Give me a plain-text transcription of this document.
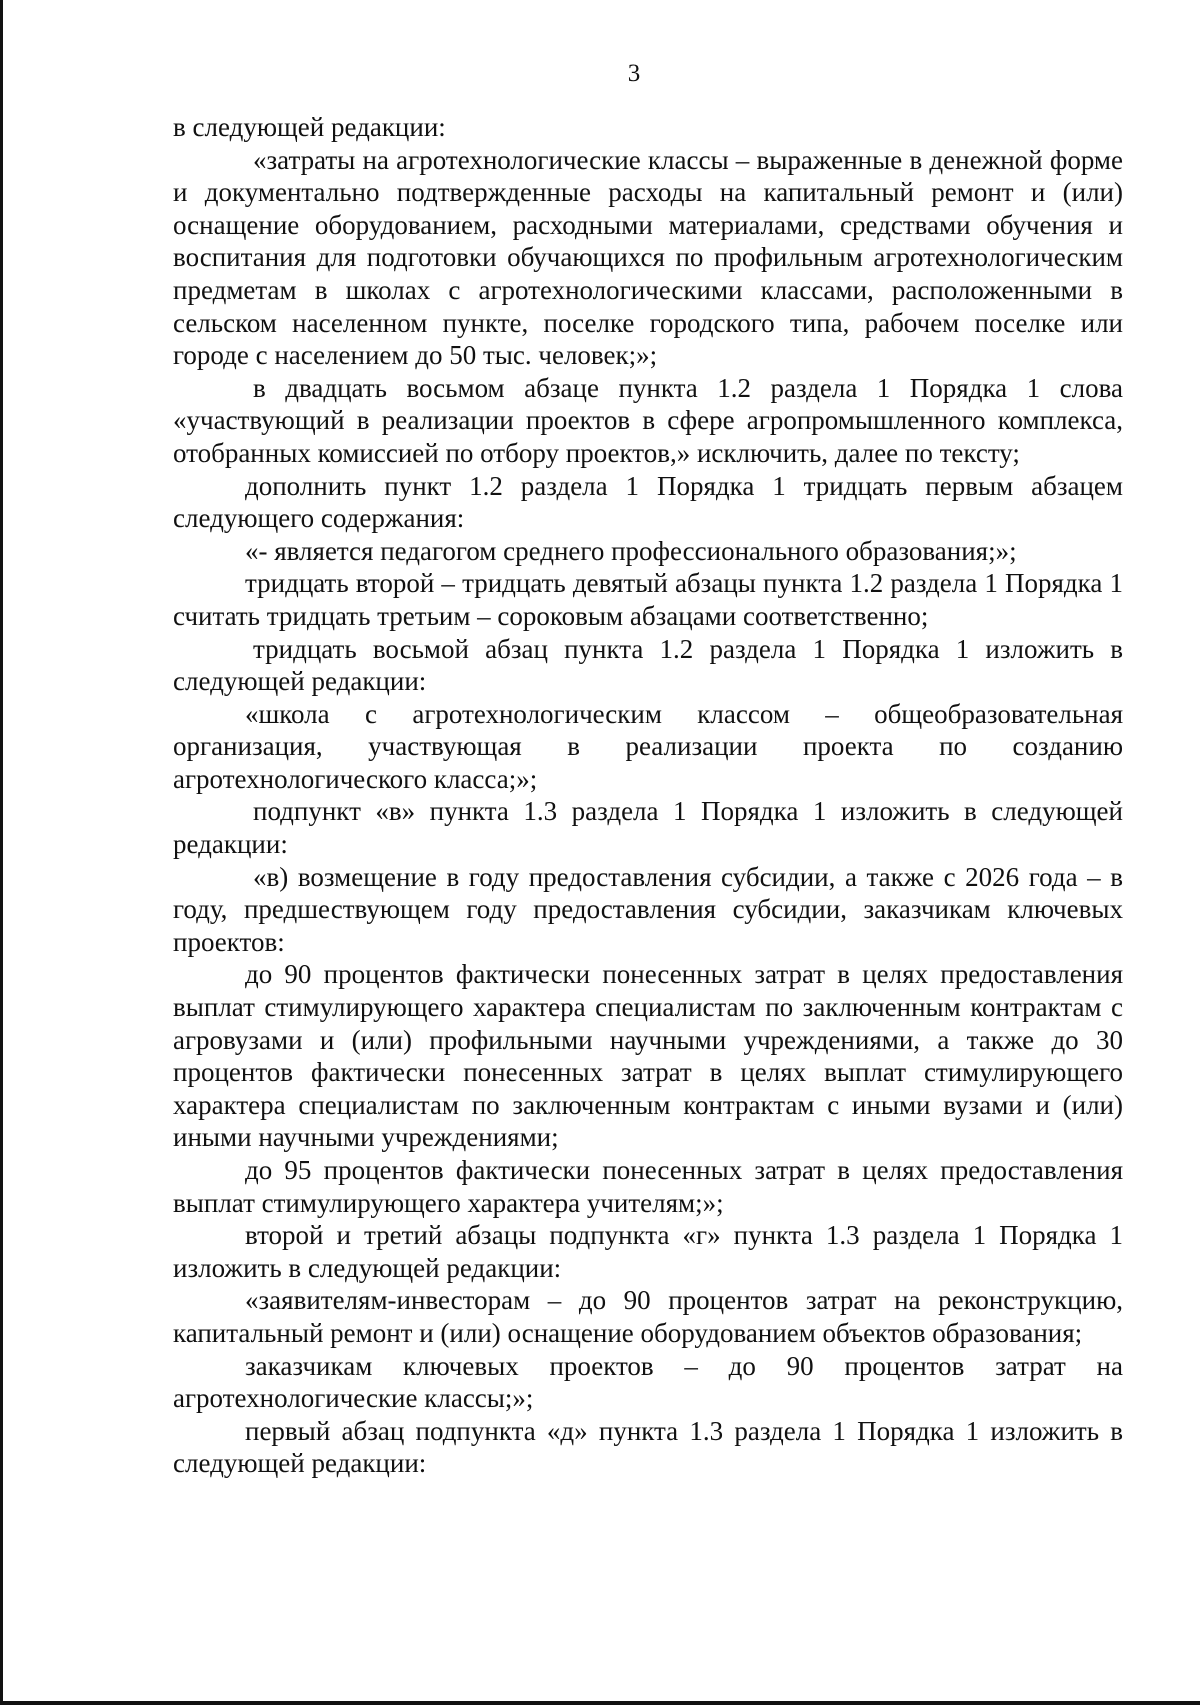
3

в следующей редакции:

«затраты на агротехнологические классы – выраженные в денежной форме и документально подтвержденные расходы на капитальный ремонт и (или) оснащение оборудованием, расходными материалами, средствами обучения и воспитания для подготовки обучающихся по профильным агротехнологическим предметам в школах с агротехнологическими классами, расположенными в сельском населенном пункте, поселке городского типа, рабочем поселке или городе с населением до 50 тыс. человек;»;

в двадцать восьмом абзаце пункта 1.2 раздела 1 Порядка 1 слова «участвующий в реализации проектов в сфере агропромышленного комплекса, отобранных комиссией по отбору проектов,» исключить, далее по тексту;

дополнить пункт 1.2 раздела 1 Порядка 1 тридцать первым абзацем следующего содержания:

«- является педагогом среднего профессионального образования;»;

тридцать второй – тридцать девятый абзацы пункта 1.2 раздела 1 Порядка 1 считать тридцать третьим – сороковым абзацами соответственно;

тридцать восьмой абзац пункта 1.2 раздела 1 Порядка 1 изложить в следующей редакции:

«школа с агротехнологическим классом – общеобразовательная организация, участвующая в реализации проекта по созданию агротехнологического класса;»;

подпункт «в» пункта 1.3 раздела 1 Порядка 1 изложить в следующей редакции:

«в) возмещение в году предоставления субсидии, а также с 2026 года – в году, предшествующем году предоставления субсидии, заказчикам ключевых проектов:

до 90 процентов фактически понесенных затрат в целях предоставления выплат стимулирующего характера специалистам по заключенным контрактам с агровузами и (или) профильными научными учреждениями, а также до 30 процентов фактически понесенных затрат в целях выплат стимулирующего характера специалистам по заключенным контрактам с иными вузами и (или) иными научными учреждениями;

до 95 процентов фактически понесенных затрат в целях предоставления выплат стимулирующего характера учителям;»;

второй и третий абзацы подпункта «г» пункта 1.3 раздела 1 Порядка 1 изложить в следующей редакции:

«заявителям-инвесторам – до 90 процентов затрат на реконструкцию, капитальный ремонт и (или) оснащение оборудованием объектов образования;

заказчикам ключевых проектов – до 90 процентов затрат на агротехнологические классы;»;

первый абзац подпункта «д» пункта 1.3 раздела 1 Порядка 1 изложить в следующей редакции:
